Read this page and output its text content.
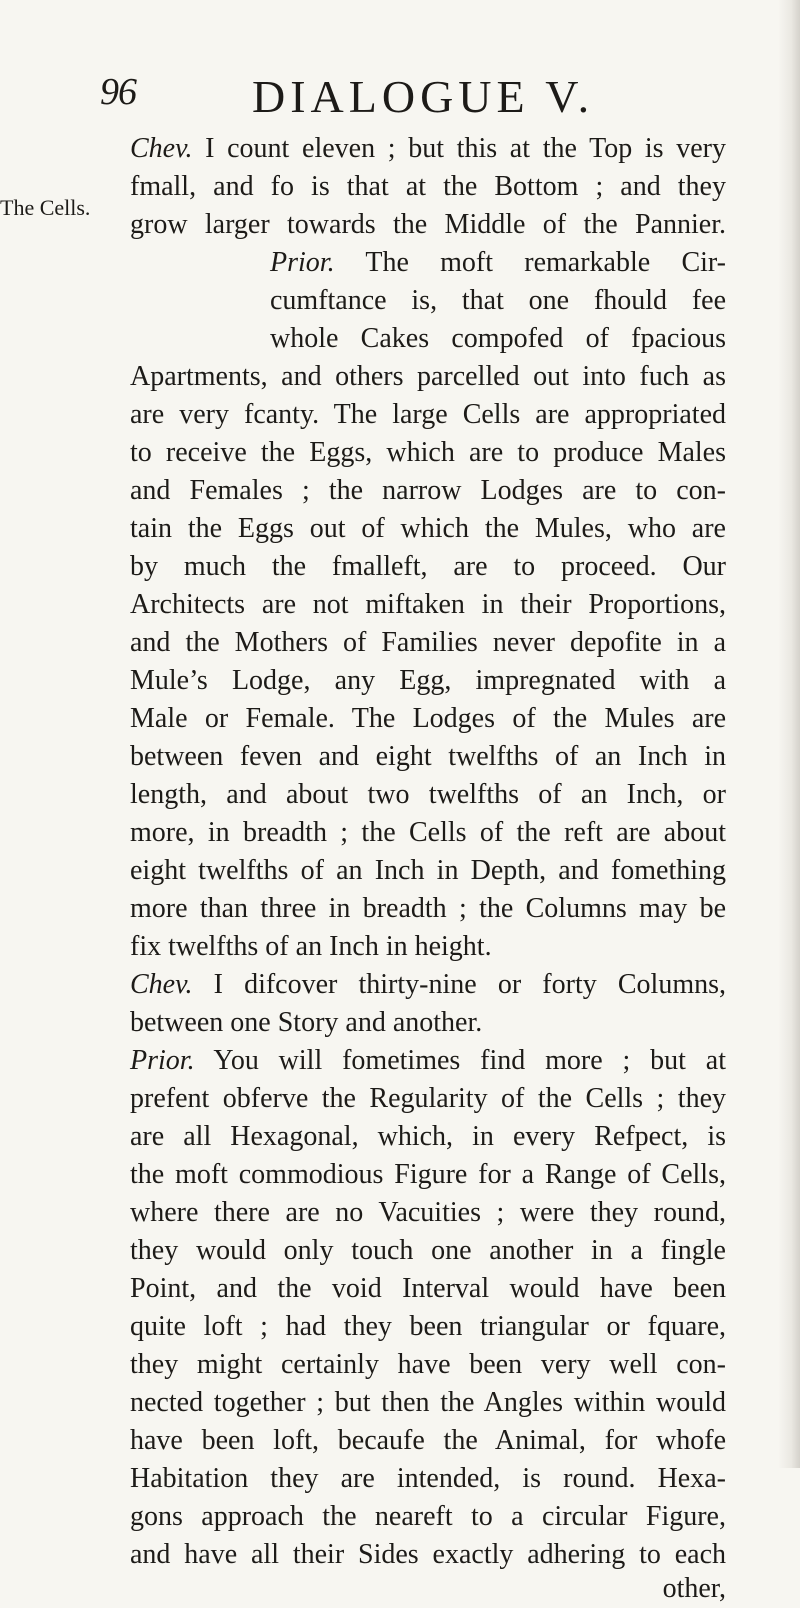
96	DIALOGUE V.
The Cells.
Chev. I count eleven ; but this at the Top is very
fmall, and fo is that at the Bottom ; and they
grow larger towards the Middle of the Pannier.
Prior. The moft remarkable Cir-
cumftance is, that one fhould fee
whole Cakes compofed of fpacious
Apartments, and others parcelled out into fuch as
are very fcanty. The large Cells are appropriated
to receive the Eggs, which are to produce Males
and Females ; the narrow Lodges are to con-
tain the Eggs out of which the Mules, who are
by much the fmalleft, are to proceed. Our
Architects are not miftaken in their Proportions,
and the Mothers of Families never depofite in a
Mule’s Lodge, any Egg, impregnated with a
Male or Female. The Lodges of the Mules are
between feven and eight twelfths of an Inch in
length, and about two twelfths of an Inch, or
more, in breadth ; the Cells of the reft are about
eight twelfths of an Inch in Depth, and fomething
more than three in breadth ; the Columns may be
fix twelfths of an Inch in height.
Chev. I difcover thirty-nine or forty Columns,
between one Story and another.
Prior. You will fometimes find more ; but at
prefent obferve the Regularity of the Cells ; they
are all Hexagonal, which, in every Refpect, is
the moft commodious Figure for a Range of Cells,
where there are no Vacuities ; were they round,
they would only touch one another in a fingle
Point, and the void Interval would have been
quite loft ; had they been triangular or fquare,
they might certainly have been very well con-
nected together ; but then the Angles within would
have been loft, becaufe the Animal, for whofe
Habitation they are intended, is round. Hexa-
gons approach the neareft to a circular Figure,
and have all their Sides exactly adhering to each
other,
